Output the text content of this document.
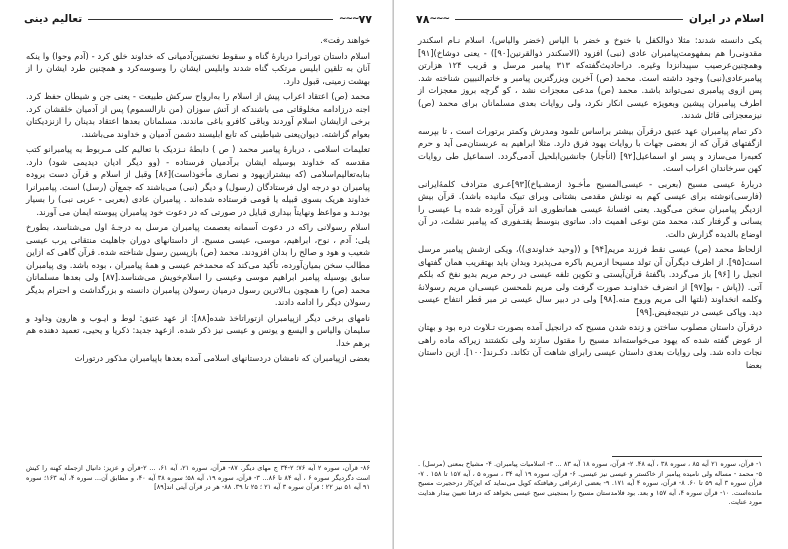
۷۷
∽∽∽
تعالیم دینی

خواهند رفت».

اسلام داستان توراتـرا دربارهٔ گناه و سقوط نخستین‌آدمیانی که خداوند خلق کرد - (آدم وحوا) وا ینکه آنان به تلقین ابلیس مرتکب گناه شدند وابلیس ایشان را وسوسه‌کرد و همچنین طرد ایشان را از بهشت زمینی، قبول دارد.

محمد (ص) اعتقاد اعراب پیش از اسلام را به‌ارواح سرکش طبیعت - یعنی جن و شیطان حفظ کرد. اجنه درزادامه مخلوقاتی می باشندکه از آتش سوزان (من نارالسموم) پس از آدمیان خلقشان کرد. برخی ازایشان اسلام آوردند وباقی کافرو باغی ماندند. مسلمانان بعدها اعتقاد بدینان را ازنزدیکتان بعوام گزاشته. دیوان‌یعنی شیاطینی که تابع ابلیسند دشمن آدمیان و خداوند می‌باشند.

تعلیمات اسلامی ، دربارهٔ پیامبر محمد ( ص ) دابطهٔ نـزدیک با تعالیم کلی مـربوط به پیامبرانو کتب مقدسه که خداوند بوسیله ایشان برآدمیان فرستاده - (وو دیگر ادیان دیدیمی شود) دارد. بنابه‌تعالیم‌اسلامی (که بیشترازیهود و نصاری مأخوذاست)[۸۶] وقبل از اسلام و قرآن دست بروده پیامبران دو درجه اول فرستادگان (رسول) و دیگر (نبی) می‌باشند که جمع‌آن (رسل) است. پیامبرانرا خداوند هریک بسوی قبیله یا قومی فرستاده شده‌اند . پیامبران عادی (بعربی - عربی نبی) را بسیار بودنـد و مواعظ ونهایتاً بیداری قبایل در صورتی که در دعوت خود پیامبران پیوسته ایمان می آورند.

اسلام رسولانی راکه در دعوت آسمانه بعصمت پیامبران مرسل به درجـهٔ اول می‌شناسد، بطورخ یلی: آدم ، نوح، ابراهیم، موسی، عیسی مسیح. از داستانهای دوران جاهلیت منتقاتی یرب عیسی شعیب و هود و صالح را بدان افزودند. محمد (ص) بازپسین رسول شناخته شده. قرآن گاهی که ازاین مطالب سخن بمیان‌آورده، تأکید می‌کند که محمدخم عیسی و همهٔ پیامبران ، بوده باشد. وی پیامبران سابق بوسیله پیامبر ابراهیم موسی وعیسی را اسلام‌خویش می‌شناسد.[۸۷] ولی بعدها مسلمانان محمد (ص) را همچون بـالاترین رسول درمیان رسولان پیامبران دانسته و بزرگداشت و احترام بدیگر رسولان دیگر را ادامه دادند.

نامهای برخی دیگر ازپیامبران ازتوراتاخذ شده[۸۸]: از عهد عتیق: لوط و ایـوب و هارون وداود و سلیمان والیاس و الیسع و یونس و عیسی نیز ذکر شده. ازعهد جدید: ذکریا و یحیی، تعمید دهنده هم برهم خدا.

بعضی ازپیامبران که نامشان دردستانهای اسلامی آمده بعدها باپیامبران مذکور درتورات

۸۶- قرآن، سوره ۲ آیه ۷۶؛ ۲-۳۴ ج مهای دیگر. ۸۷- قرآن، سوره ۲۱، آیه ۶۱، ... ۲-قرآن و عزیز: دانیال ازجمله کهنه را کیش است دگردیگر سوره ۶ ، آیه ۸۴ تا ۸۶... ۳- قرآن، سوره ۱۹، آیه ۵۸؛ سوره ۳۸ آیه ۴۰، و مطابق آن... سوره ۴، آیه ۱۶۳؛ سوره ۹۱ آیه ۵۱ نیز ۲۲ ؛ قرآن سوره ۳ آیه ۲۱ ؛ ۲۵ تا ۳۹. ۸۸- هر در قرآن آیتی اند[۸۹]
اسلام در ایران
∽∽∽
۷۸

یکی دانسته شدند: مثلا ذوالکفل با خنوخ و خضر با الیاس (خضر والیاس). اسلام نـام اسکندر مقدونی‌را هم بمفهومت‌پیامبران عادی (نبی) افزود (الاسکندر ذوالقرنین[۹۰]) - یعنی دوشاخ)[۹۱] وهمچنین‌عرصیب سپیدانزدا وغیره. در‌احادیث‌گفته‌که ۳۱۳ پیامبر مرسل و قریب ۱۲۴ هزارتن پیامبرعادی(نبی) وجود داشته است. محمد (ص) آخرین ویزرگترین پیامبر و خاتم‌النبیین شناخته شد. پس ازوی پیامبری نمی‌تواند باشد. محمد (ص) مدعی معجزات نشد ، کو گرچه بروز معجزات از اطرف پیامبران پیشین وبعویژه عیسی انکار نکرد، ولی روایات بعدی مسلمانان برای محمد (ص) نیزمعجزاتی قائل شدند.

ذکر تمام پیامبران عهد عتیق درقرآن بیشتر براساس تلمود ومدرش وکمتر برتورات است ، تا بپرسه ازگفتهای قرآن که از بعضی جهات با روایات یهود فرق دارد. مثلا ابراهیم به عربستان‌می آید و حرم کعبه‌را می‌سازد و پسر او اسماعیل[۹۲] (انأجار) جانشین‌ابلحیل آدمی‌گردد. اسماعیل طی روایات کهن سرخاندان اعراب است.

دربارهٔ عیسی مسیح (بعربی - عیسی‌المسیح مأخـوذ ازمشـیاخ)[۹۳]عـری مترادف کلمهٔ‌ایرانی‌ (فارسی)نوشته برای عیسی کهم به نونلش مقدمی بشتانی وبرای تبیک مانیده باشد). قرآن بیش ازدیگر پیامبران سخن می‌گوید. یعنی افسانهٔ عیسی همانطوری اند قرآن آورده شده یـا عیسی را یسانی و گرفتار کند، محمد متن نوعی اهمیت داد. ساتوی بنوسط یقتـفوری که پیامبر نشلت، در آن اوضاع بالدیده گزارش دالت.

ازلحاظ محمد (ص) عیسی نقط فرزند مریم[۹۴] و ((وحید خداوندی))، ویکی ازشش پیامبر مرسل است[۹۵]. از اظرف دیگرآن آن تولد مسیحا ازمریم باکره می‌پذیرد وبدان باید بهتقریب همان گفتهای انجیل را [۹۶] باز می‌گردد. باگفتهٔ قرآن‌آیستی و تکوین تلفه عیسی در رحم مریم بدیو نفخ که بلکم آتی. ((پاش - بو[۹۷] از انضرف خداونـد صورت گرفت ولی مریم نلمحسن عیسی‌ان مریم رسولانۀ وکلمه انخداوند (نلتها الی مریم وروح منه.[۹۸] ولی در دبیر سال عیسی تر مبر قطر انتفاح عیسی دید. وپاکی عیسی در نتیجه‌فیض.[۹۹]

درقرآن داستان مصلوب ساختن و زنده شدن مسیح که درانجیل آمده بصورت تـلاوت دره بود و بهتان از عوض گفته شده که یهود می‌خواسته‌اند مسیح را مقتول سازند ولی نکشتند زیراکه ماده راهی نجات داده شد. ولی روایات بعدی داستان عیسی رابرای شاهت آن تکاند. دکـرند[۱۰۰]. ازین داستان بعضا

۱- قرآن، سوره ۲۱ آیه ۸۵ ، سوره ۳۸ ، آیه ۴۸. ۲- قرآن، سوره ۱۸ آیه ۸۳ ... ۳- اسلامیات پیامبران. ۴- مشیاخ بمعنی (مرسل) . ۵- محمد - مساله ولی نامیده پیامبر از خاکستر و عیسی نیز عیسی. ۶- قرآن، سوره ۱۹ آیه ۳۴ ، سوره ۵ ، آیه ۱۵۷ تا ۱۵۸ . ۷- قرآن سوره ۳ آیه ۵۹ تا ۶۰. ۸- قرآن، سوره ۴ آیه ۱۷۱. ۹- بعضی ازعرافی رهیافتکه کویل می‌نماید که این‌کار درحجیرت مسیح مانده‌است. ۱۰- قرآن سوره ۴، آیه ۱۵۷ و بعد. بود فلامدستان مسیح را بمنجینی سیح عیسی بخواهد که درفنا تعیین بیدار هدایت مورد عنایت.
